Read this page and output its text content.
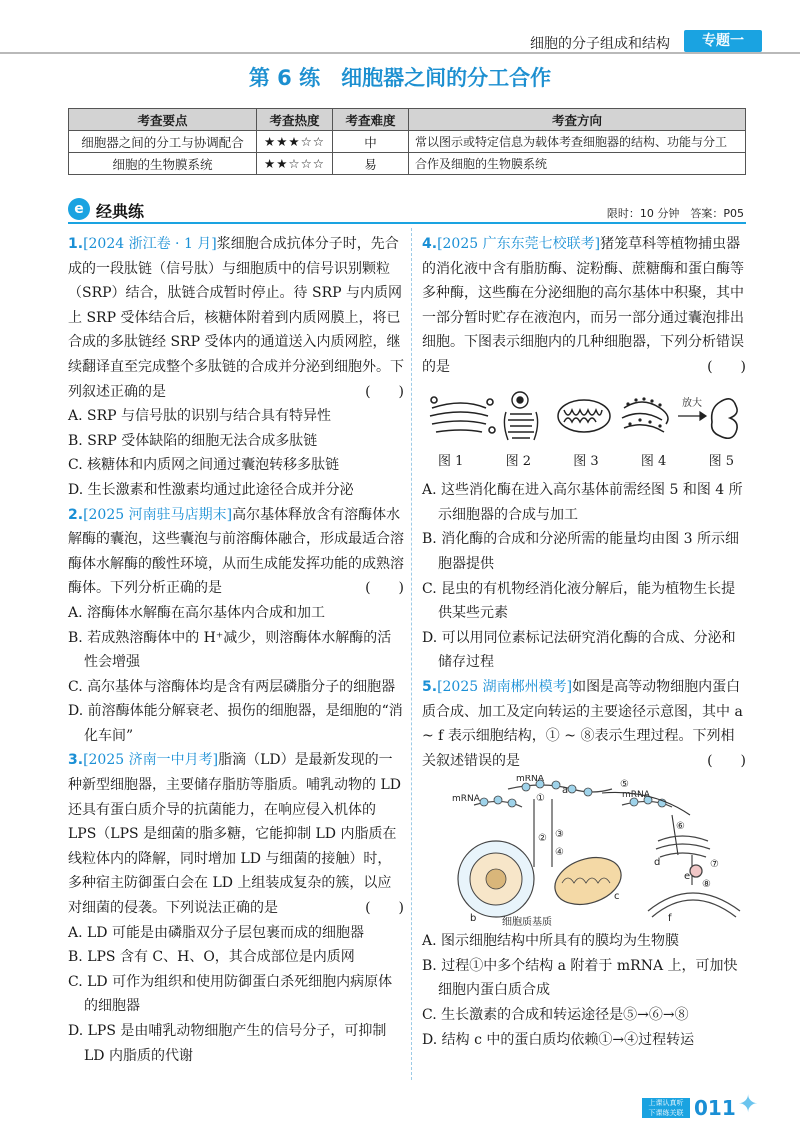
细胞的分子组成和结构	专题一
第 6 练　细胞器之间的分工合作
考查要点	考查热度	考查难度	考查方向
细胞器之间的分工与协调配合	★★★☆☆	中	常以图示或特定信息为载体考查细胞器的结构、功能与分工
细胞的生物膜系统	★★☆☆☆	易	合作及细胞的生物膜系统
e 经典练	限时：10 分钟　答案：P05
1.[2024 浙江卷 · 1 月]浆细胞合成抗体分子时，先合成的一段肽链（信号肽）与细胞质中的信号识别颗粒（SRP）结合，肽链合成暂时停止。待 SRP 与内质网上 SRP 受体结合后，核糖体附着到内质网膜上，将已合成的多肽链经 SRP 受体内的通道送入内质网腔，继续翻译直至完成整个多肽链的合成并分泌到细胞外。下列叙述正确的是	(　　)
A. SRP 与信号肽的识别与结合具有特异性
B. SRP 受体缺陷的细胞无法合成多肽链
C. 核糖体和内质网之间通过囊泡转移多肽链
D. 生长激素和性激素均通过此途径合成并分泌
2.[2025 河南驻马店期末]高尔基体释放含有溶酶体水解酶的囊泡，这些囊泡与前溶酶体融合，形成最适合溶酶体水解酶的酸性环境，从而生成能发挥功能的成熟溶酶体。下列分析正确的是	(　　)
A. 溶酶体水解酶在高尔基体内合成和加工
B. 若成熟溶酶体中的 H⁺减少，则溶酶体水解酶的活性会增强
C. 高尔基体与溶酶体均是含有两层磷脂分子的细胞器
D. 前溶酶体能分解衰老、损伤的细胞器，是细胞的“消化车间”
3.[2025 济南一中月考]脂滴（LD）是最新发现的一种新型细胞器，主要储存脂肪等脂质。哺乳动物的 LD 还具有蛋白质介导的抗菌能力，在响应侵入机体的 LPS（LPS 是细菌的脂多糖，它能抑制 LD 内脂质在线粒体内的降解，同时增加 LD 与细菌的接触）时，多种宿主防御蛋白会在 LD 上组装成复杂的簇，以应对细菌的侵袭。下列说法正确的是	(　　)
A. LD 可能是由磷脂双分子层包裹而成的细胞器
B. LPS 含有 C、H、O，其合成部位是内质网
C. LD 可作为组织和使用防御蛋白杀死细胞内病原体的细胞器
D. LPS 是由哺乳动物细胞产生的信号分子，可抑制 LD 内脂质的代谢
4.[2025 广东东莞七校联考]猪笼草科等植物捕虫器的消化液中含有脂肪酶、淀粉酶、蔗糖酶和蛋白酶等多种酶，这些酶在分泌细胞的高尔基体中积聚，其中一部分暂时贮存在液泡内，而另一部分通过囊泡排出细胞。下图表示细胞内的几种细胞器，下列分析错误的是	(　　)
放大
图 1	图 2	图 3	图 4	图 5
A. 这些消化酶在进入高尔基体前需经图 5 和图 4 所示细胞器的合成与加工
B. 消化酶的合成和分泌所需的能量均由图 3 所示细胞器提供
C. 昆虫的有机物经消化液分解后，能为植物生长提供某些元素
D. 可以用同位素标记法研究消化酶的合成、分泌和储存过程
5.[2025 湖南郴州模考]如图是高等动物细胞内蛋白质合成、加工及定向转运的主要途径示意图，其中 a ~ f 表示细胞结构，① ~ ⑧表示生理过程。下列相关叙述错误的是	(　　)
mRNA
mRNA	mRNA
①
② ③
④
⑤
⑥
⑦
⑧
a
b
c
d
e
f
细胞质基质
A. 图示细胞结构中所具有的膜均为生物膜
B. 过程①中多个结构 a 附着于 mRNA 上，可加快细胞内蛋白质合成
C. 生长激素的合成和转运途径是⑤→⑥→⑧
D. 结构 c 中的蛋白质均依赖①→④过程转运
上课认真听
下课练关联 011 ✦
